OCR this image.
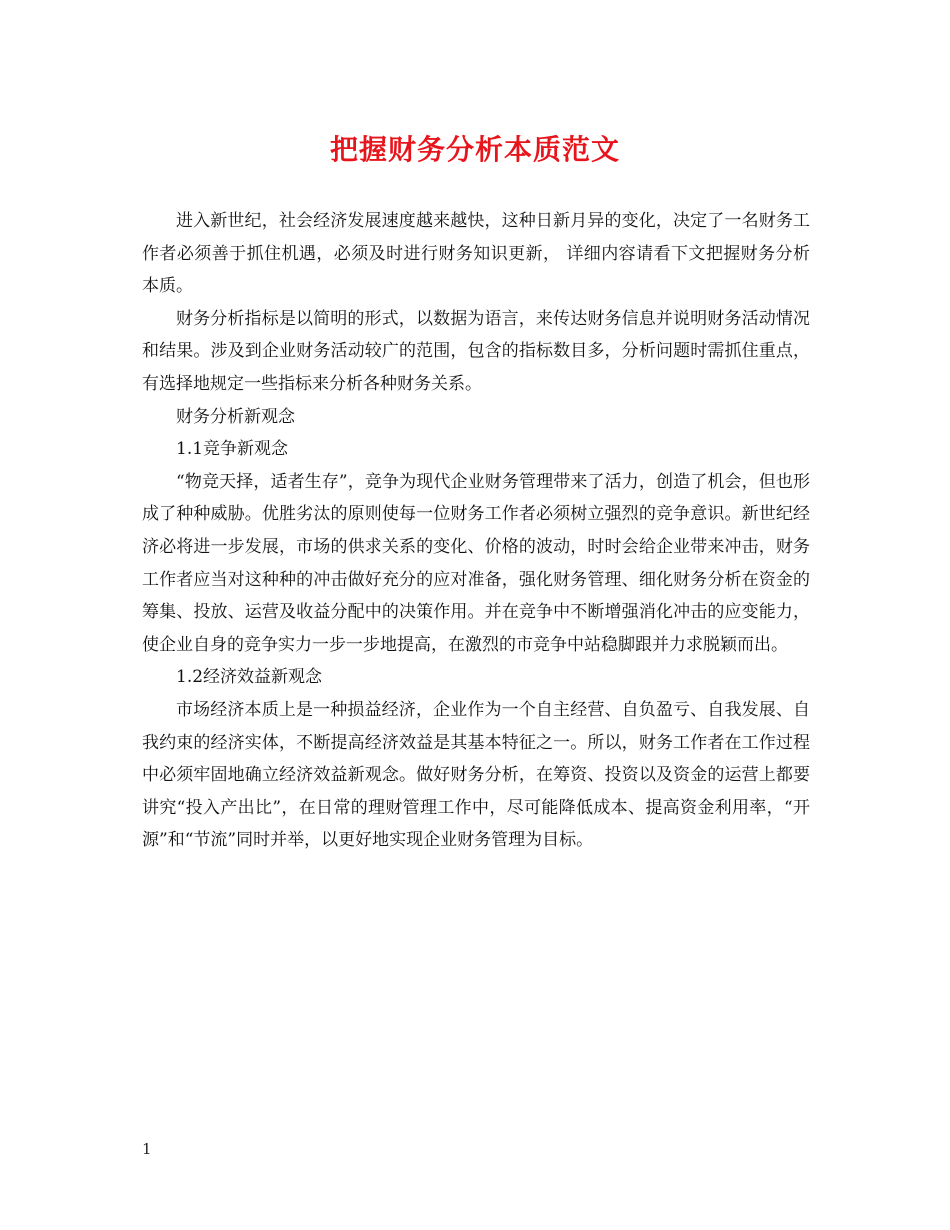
把握财务分析本质范文

进入新世纪，社会经济发展速度越来越快，这种日新月异的变化，决定了一名财务工作者必须善于抓住机遇，必须及时进行财务知识更新， 详细内容请看下文把握财务分析本质。

财务分析指标是以简明的形式，以数据为语言，来传达财务信息并说明财务活动情况和结果。涉及到企业财务活动较广的范围，包含的指标数目多，分析问题时需抓住重点，有选择地规定一些指标来分析各种财务关系。

财务分析新观念

1.1竞争新观念

“物竞天择，适者生存”，竞争为现代企业财务管理带来了活力，创造了机会，但也形成了种种威胁。优胜劣汰的原则使每一位财务工作者必须树立强烈的竞争意识。新世纪经济必将进一步发展，市场的供求关系的变化、价格的波动，时时会给企业带来冲击，财务工作者应当对这种种的冲击做好充分的应对准备，强化财务管理、细化财务分析在资金的筹集、投放、运营及收益分配中的决策作用。并在竞争中不断增强消化冲击的应变能力，使企业自身的竞争实力一步一步地提高，在激烈的市竞争中站稳脚跟并力求脱颖而出。

1.2经济效益新观念

市场经济本质上是一种损益经济，企业作为一个自主经营、自负盈亏、自我发展、自我约束的经济实体，不断提高经济效益是其基本特征之一。所以，财务工作者在工作过程中必须牢固地确立经济效益新观念。做好财务分析，在筹资、投资以及资金的运营上都要讲究“投入产出比”，在日常的理财管理工作中，尽可能降低成本、提高资金利用率，“开源”和“节流”同时并举，以更好地实现企业财务管理为目标。

1
